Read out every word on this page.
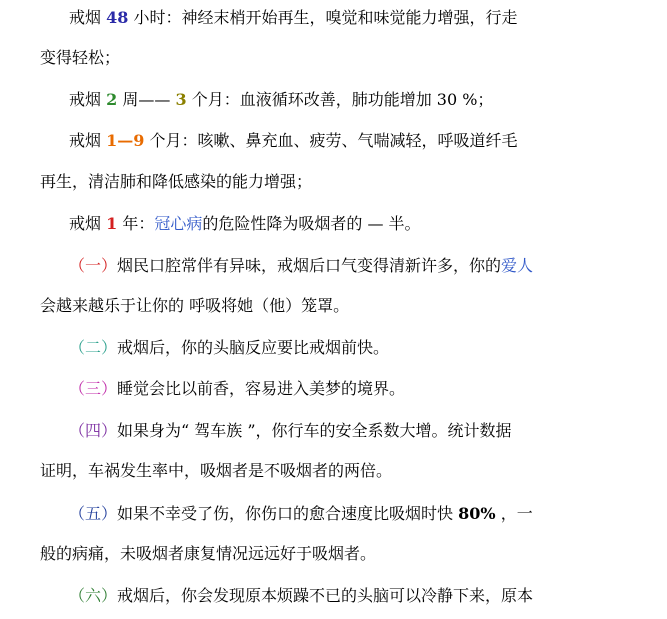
戒烟 48 小时：神经末梢开始再生，嗅觉和味觉能力增强，行走
变得轻松；
戒烟 2 周—— 3 个月：血液循环改善，肺功能增加 30 %；
戒烟 1—9 个月：咳嗽、鼻充血、疲劳、气喘减轻，呼吸道纤毛
再生，清洁肺和降低感染的能力增强；
戒烟 1 年：冠心病的危险性降为吸烟者的 — 半。
（一）烟民口腔常伴有异味，戒烟后口气变得清新许多，你的爱人
会越来越乐于让你的 呼吸将她（他）笼罩。
（二）戒烟后，你的头脑反应要比戒烟前快。
（三）睡觉会比以前香，容易进入美梦的境界。
（四）如果身为“ 驾车族 ”，你行车的安全系数大增。统计数据
证明，车祸发生率中，吸烟者是不吸烟者的两倍。
（五）如果不幸受了伤，你伤口的愈合速度比吸烟时快 80% ，一
般的病痛，未吸烟者康复情况远远好于吸烟者。
（六）戒烟后，你会发现原本烦躁不已的头脑可以冷静下来，原本
